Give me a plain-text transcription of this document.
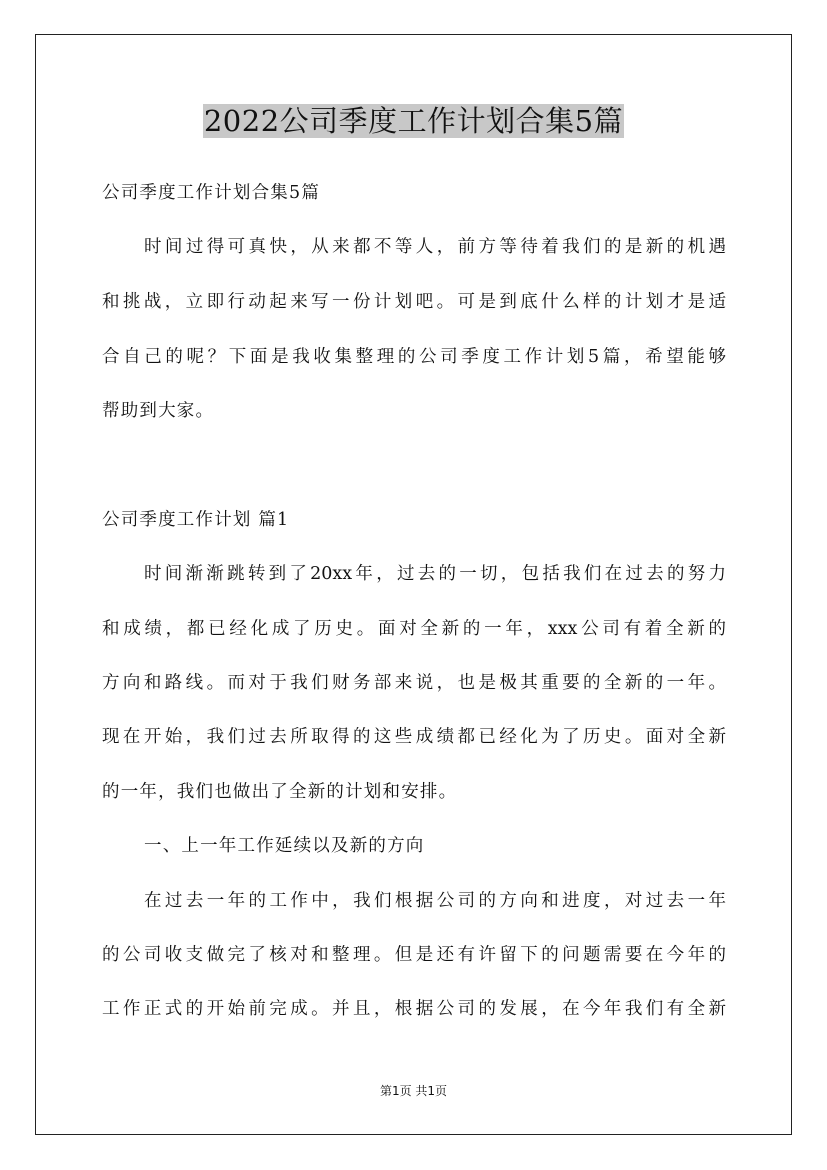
2022公司季度工作计划合集5篇
公司季度工作计划合集5篇
时间过得可真快，从来都不等人，前方等待着我们的是新的机遇
和挑战，立即行动起来写一份计划吧。可是到底什么样的计划才是适
合自己的呢？下面是我收集整理的公司季度工作计划5篇，希望能够
帮助到大家。
公司季度工作计划 篇1
时间渐渐跳转到了20xx年，过去的一切，包括我们在过去的努力
和成绩，都已经化成了历史。面对全新的一年，xxx公司有着全新的
方向和路线。而对于我们财务部来说，也是极其重要的全新的一年。
现在开始，我们过去所取得的这些成绩都已经化为了历史。面对全新
的一年，我们也做出了全新的计划和安排。
一、上一年工作延续以及新的方向
在过去一年的工作中，我们根据公司的方向和进度，对过去一年
的公司收支做完了核对和整理。但是还有许留下的问题需要在今年的
工作正式的开始前完成。并且，根据公司的发展，在今年我们有全新
第1页 共1页
